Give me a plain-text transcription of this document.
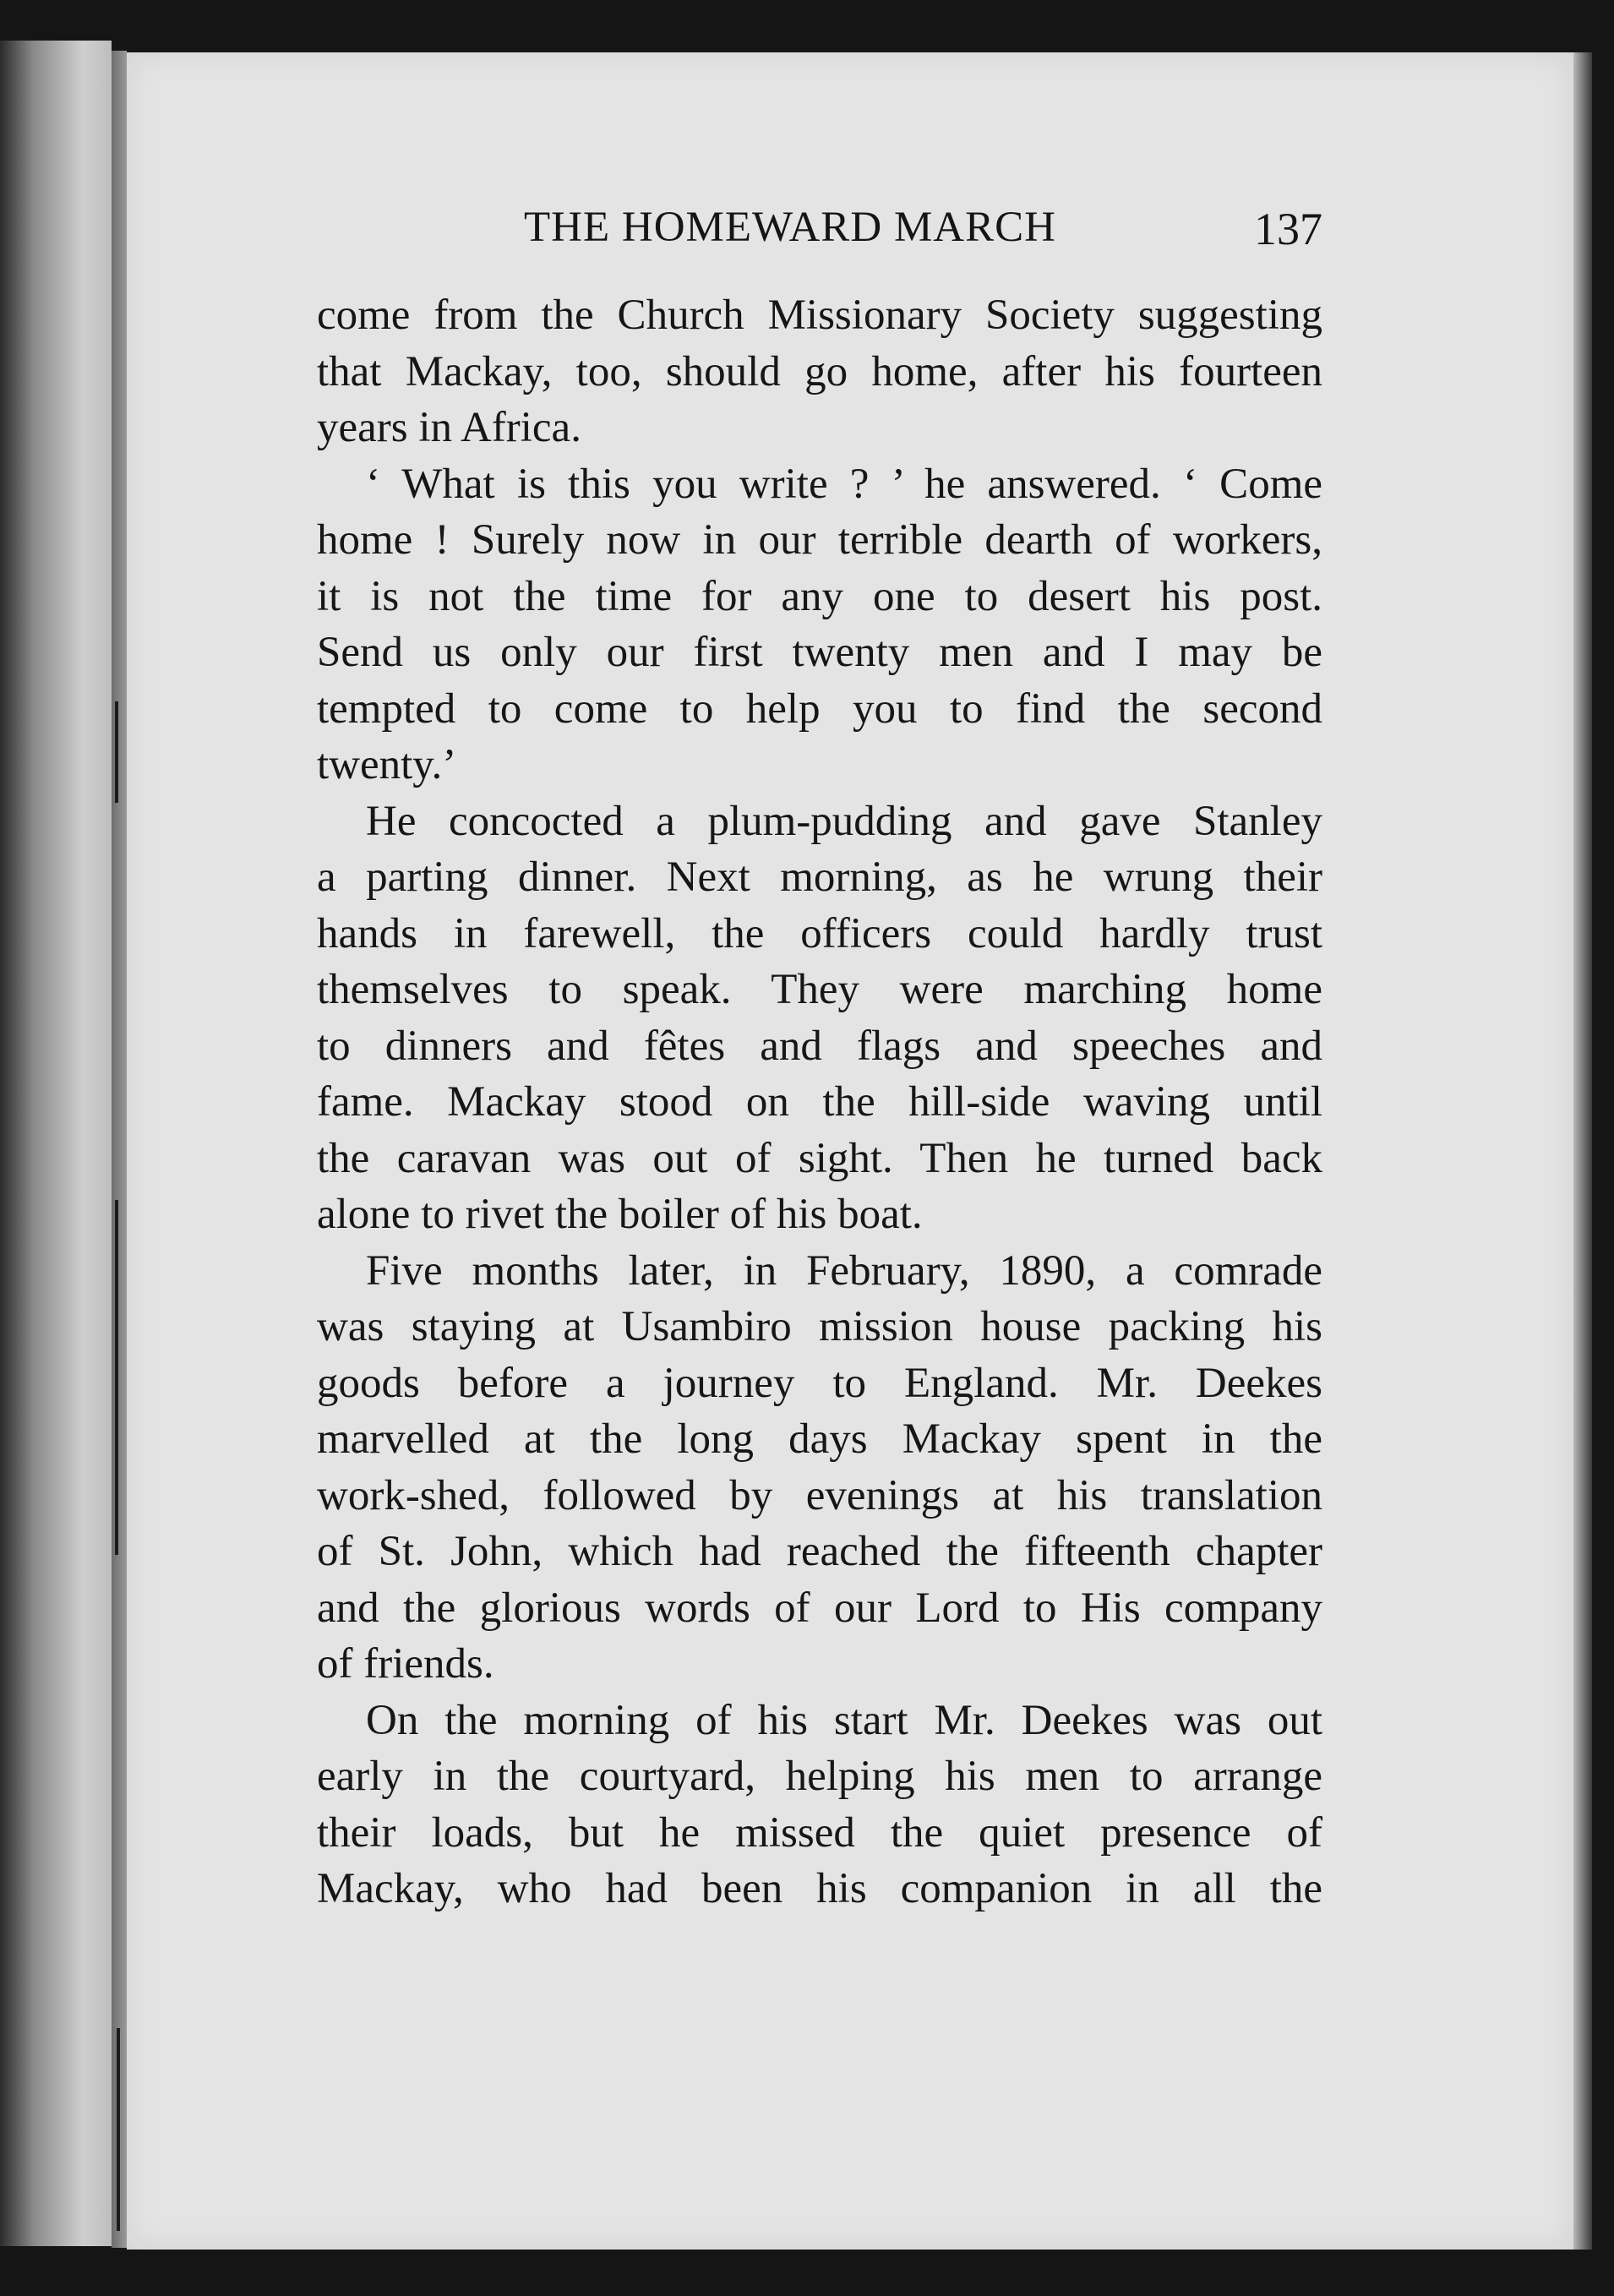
THE HOMEWARD MARCH	137
come from the Church Missionary Society suggesting
that Mackay, too, should go home, after his fourteen
years in Africa.
‘ What is this you write ? ’ he answered. ‘ Come
home ! Surely now in our terrible dearth of workers,
it is not the time for any one to desert his post.
Send us only our first twenty men and I may be
tempted to come to help you to find the second
twenty.’
He concocted a plum-pudding and gave Stanley
a parting dinner. Next morning, as he wrung their
hands in farewell, the officers could hardly trust
themselves to speak. They were marching home
to dinners and fêtes and flags and speeches and
fame. Mackay stood on the hill-side waving until
the caravan was out of sight. Then he turned back
alone to rivet the boiler of his boat.
Five months later, in February, 1890, a comrade
was staying at Usambiro mission house packing his
goods before a journey to England. Mr. Deekes
marvelled at the long days Mackay spent in the
work-shed, followed by evenings at his translation
of St. John, which had reached the fifteenth chapter
and the glorious words of our Lord to His company
of friends.
On the morning of his start Mr. Deekes was out
early in the courtyard, helping his men to arrange
their loads, but he missed the quiet presence of
Mackay, who had been his companion in all the
